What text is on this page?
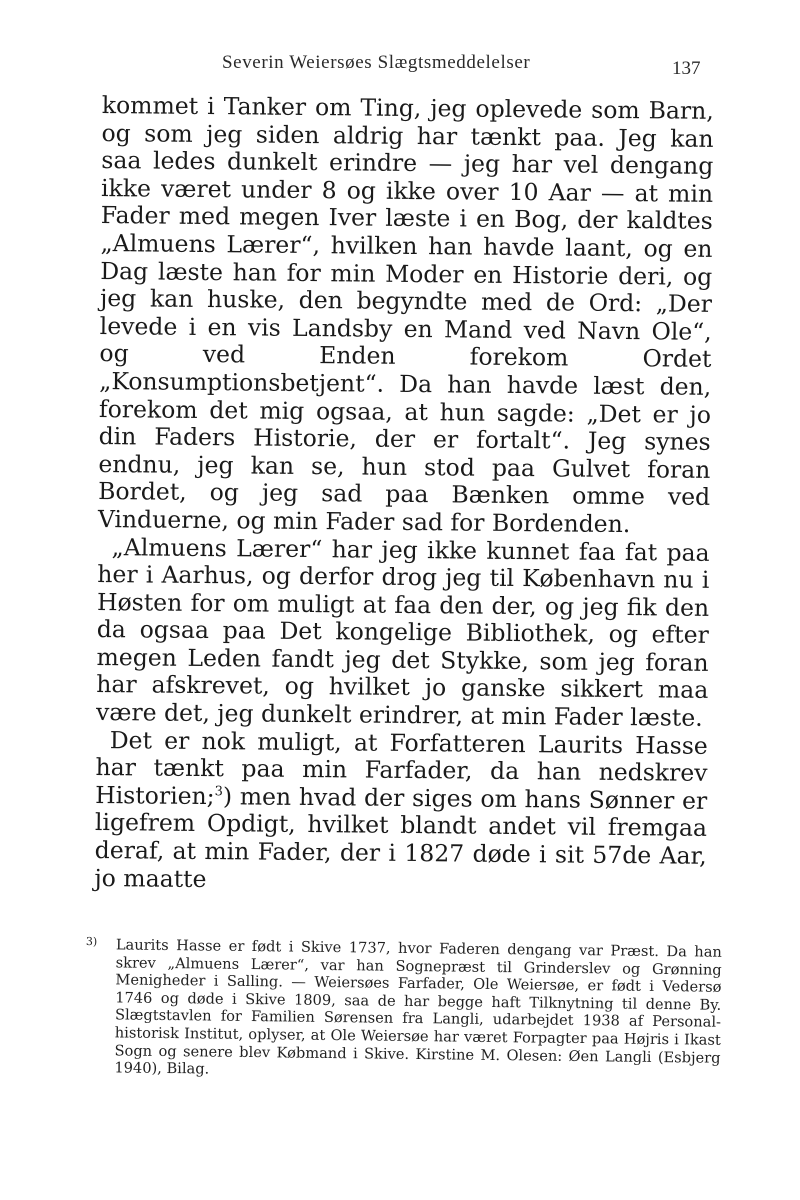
Severin Weiersøes Slægtsmeddelelser	137

kommet i Tanker om Ting, jeg oplevede som Barn, og som jeg siden aldrig har tænkt paa. Jeg kan saa ledes dunkelt erindre — jeg har vel dengang ikke været under 8 og ikke over 10 Aar — at min Fader med megen Iver læste i en Bog, der kaldtes „Almuens Lærer“, hvilken han havde laant, og en Dag læste han for min Moder en Historie deri, og jeg kan huske, den begyndte med de Ord: „Der levede i en vis Landsby en Mand ved Navn Ole“, og ved Enden forekom Ordet „Konsumptionsbetjent“. Da han havde læst den, forekom det mig ogsaa, at hun sagde: „Det er jo din Faders Historie, der er fortalt“. Jeg synes endnu, jeg kan se, hun stod paa Gulvet foran Bordet, og jeg sad paa Bænken omme ved Vinduerne, og min Fader sad for Bordenden.

„Almuens Lærer“ har jeg ikke kunnet faa fat paa her i Aarhus, og derfor drog jeg til København nu i Høsten for om muligt at faa den der, og jeg fik den da ogsaa paa Det kongelige Bibliothek, og efter megen Leden fandt jeg det Stykke, som jeg foran har afskrevet, og hvilket jo ganske sikkert maa være det, jeg dunkelt erindrer, at min Fader læste.

Det er nok muligt, at Forfatteren Laurits Hasse har tænkt paa min Farfader, da han nedskrev Historien;$^3$) men hvad der siges om hans Sønner er ligefrem Opdigt, hvilket blandt andet vil fremgaa deraf, at min Fader, der i 1827 døde i sit 57de Aar, jo maatte

3) Laurits Hasse er født i Skive 1737, hvor Faderen dengang var Præst. Da han skrev „Almuens Lærer“, var han Sognepræst til Grinderslev og Grønning Menigheder i Salling. — Weiersøes Farfader, Ole Weiersøe, er født i Vedersø 1746 og døde i Skive 1809, saa de har begge haft Tilknytning til denne By. Slægtstavlen for Familien Sørensen fra Langli, udarbejdet 1938 af Personalhistorisk Institut, oplyser, at Ole Weiersøe har været Forpagter paa Højris i Ikast Sogn og senere blev Købmand i Skive. Kirstine M. Olesen: Øen Langli (Esbjerg 1940), Bilag.
